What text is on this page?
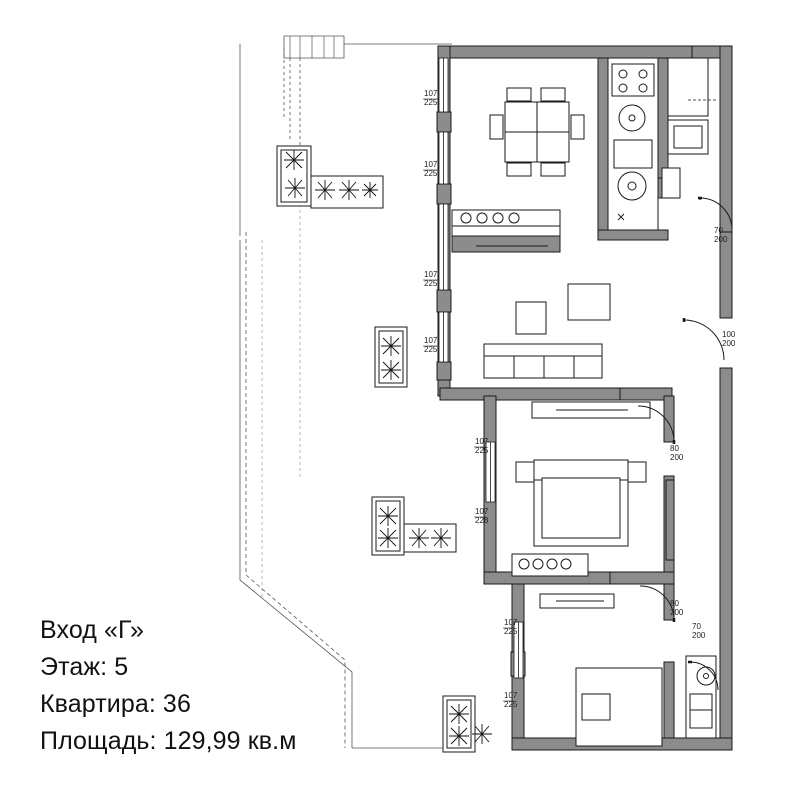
107
225
107
225
107
225
107
225
107
225
107
228
107
225
107
225
70
200
100
200
80
200
80
200
70
200
Вход «Г»
Этаж: 5
Квартира: 36
Площадь: 129,99 кв.м
